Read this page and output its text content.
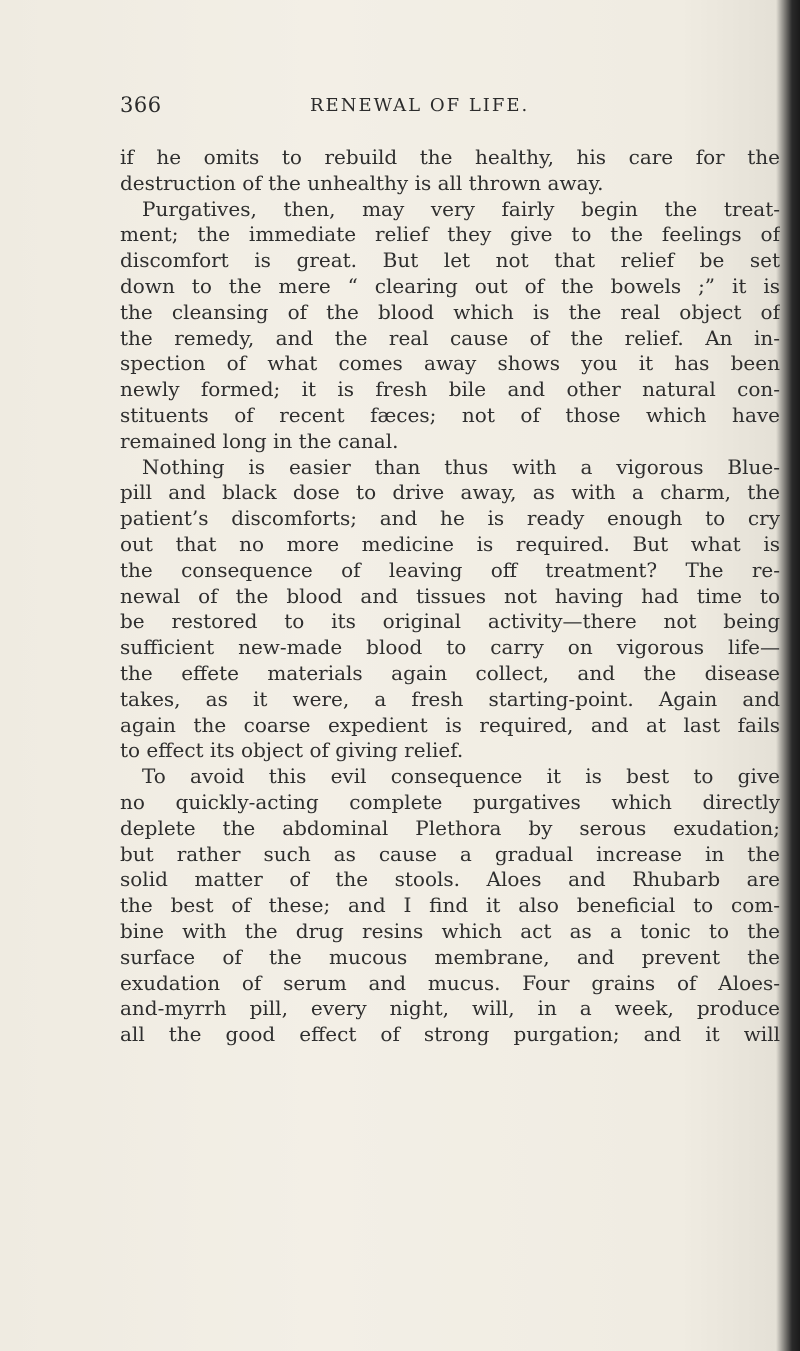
366	RENEWAL OF LIFE.
if he omits to rebuild the healthy, his care for the
destruction of the unhealthy is all thrown away.
Purgatives, then, may very fairly begin the treat-
ment; the immediate relief they give to the feelings of
discomfort is great. But let not that relief be set
down to the mere “ clearing out of the bowels ;” it is
the cleansing of the blood which is the real object of
the remedy, and the real cause of the relief. An in-
spection of what comes away shows you it has been
newly formed; it is fresh bile and other natural con-
stituents of recent fæces; not of those which have
remained long in the canal.
Nothing is easier than thus with a vigorous Blue-
pill and black dose to drive away, as with a charm, the
patient’s discomforts; and he is ready enough to cry
out that no more medicine is required. But what is
the consequence of leaving off treatment? The re-
newal of the blood and tissues not having had time to
be restored to its original activity—there not being
sufficient new-made blood to carry on vigorous life—
the effete materials again collect, and the disease
takes, as it were, a fresh starting-point. Again and
again the coarse expedient is required, and at last fails
to effect its object of giving relief.
To avoid this evil consequence it is best to give
no quickly-acting complete purgatives which directly
deplete the abdominal Plethora by serous exudation;
but rather such as cause a gradual increase in the
solid matter of the stools. Aloes and Rhubarb are
the best of these; and I find it also beneficial to com-
bine with the drug resins which act as a tonic to the
surface of the mucous membrane, and prevent the
exudation of serum and mucus. Four grains of Aloes-
and-myrrh pill, every night, will, in a week, produce
all the good effect of strong purgation; and it will
